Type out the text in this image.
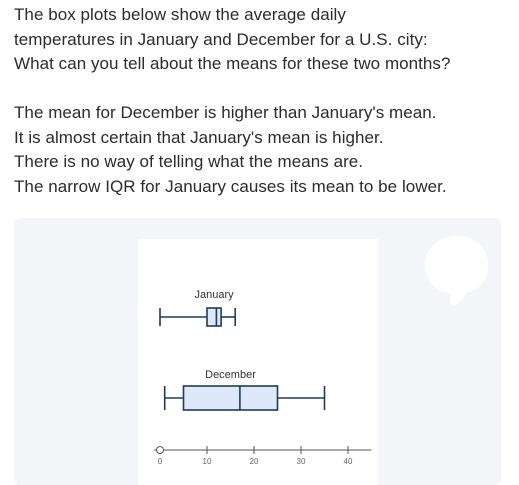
The box plots below show the average daily
temperatures in January and December for a U.S. city:
What can you tell about the means for these two months?
The mean for December is higher than January's mean.
It is almost certain that January's mean is higher.
There is no way of telling what the means are.
The narrow IQR for January causes its mean to be lower.
0	10	20	30	40
January
December
